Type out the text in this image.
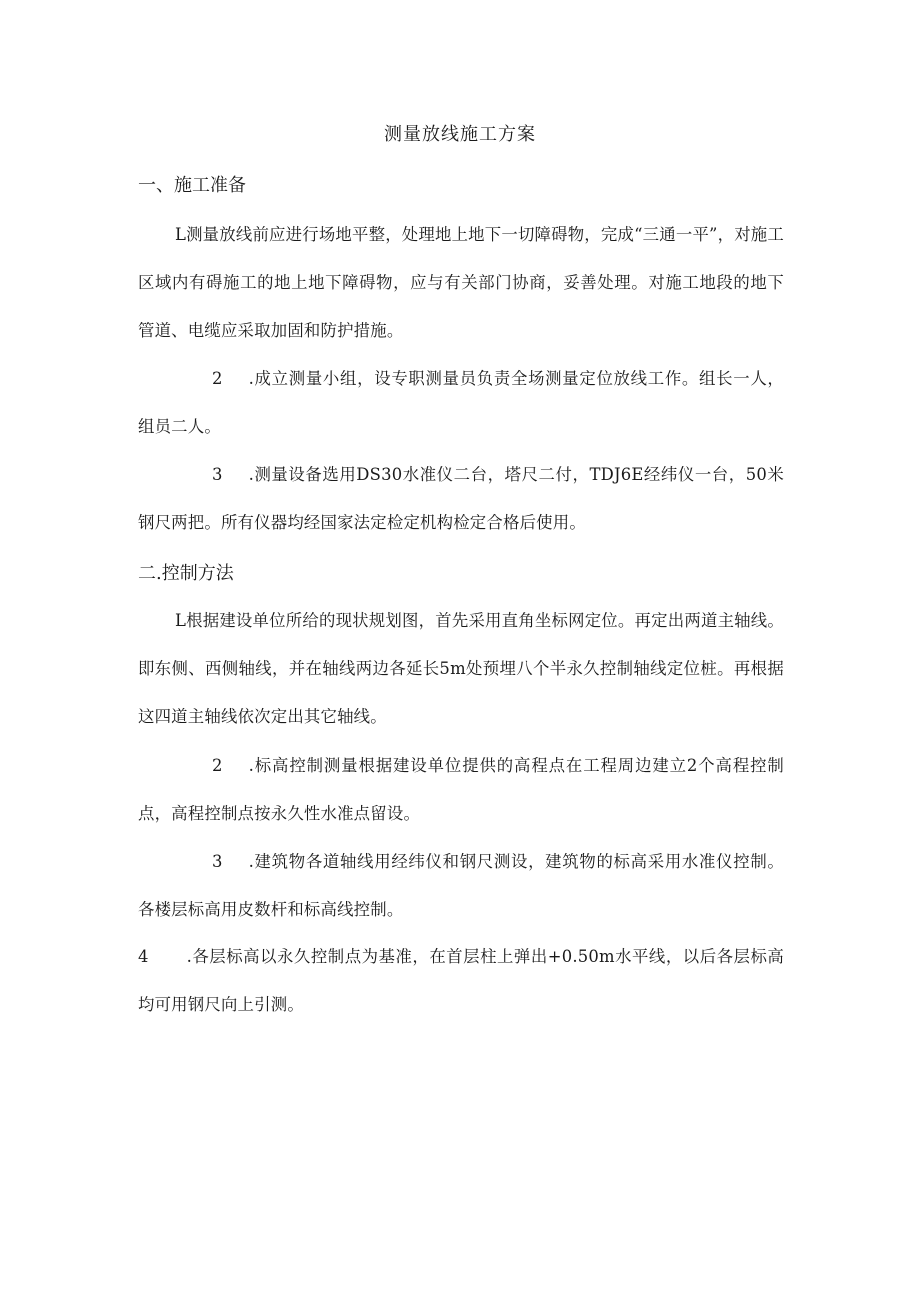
测量放线施工方案
一、施工准备
L测量放线前应进行场地平整，处理地上地下一切障碍物，完成“三通一平”，对施工区域内有碍施工的地上地下障碍物，应与有关部门协商，妥善处理。对施工地段的地下管道、电缆应采取加固和防护措施。
2 .成立测量小组，设专职测量员负责全场测量定位放线工作。组长一人，组员二人。
3 .测量设备选用DS30水准仪二台，塔尺二付，TDJ6E经纬仪一台，50米钢尺两把。所有仪器均经国家法定检定机构检定合格后使用。
二.控制方法
L根据建设单位所给的现状规划图，首先采用直角坐标网定位。再定出两道主轴线。即东侧、西侧轴线，并在轴线两边各延长5m处预埋八个半永久控制轴线定位桩。再根据这四道主轴线依次定出其它轴线。
2 .标高控制测量根据建设单位提供的高程点在工程周边建立2个高程控制点，高程控制点按永久性水准点留设。
3 .建筑物各道轴线用经纬仪和钢尺测设，建筑物的标高采用水准仪控制。各楼层标高用皮数杆和标高线控制。
4 .各层标高以永久控制点为基准，在首层柱上弹出+0.50m水平线，以后各层标高均可用钢尺向上引测。
